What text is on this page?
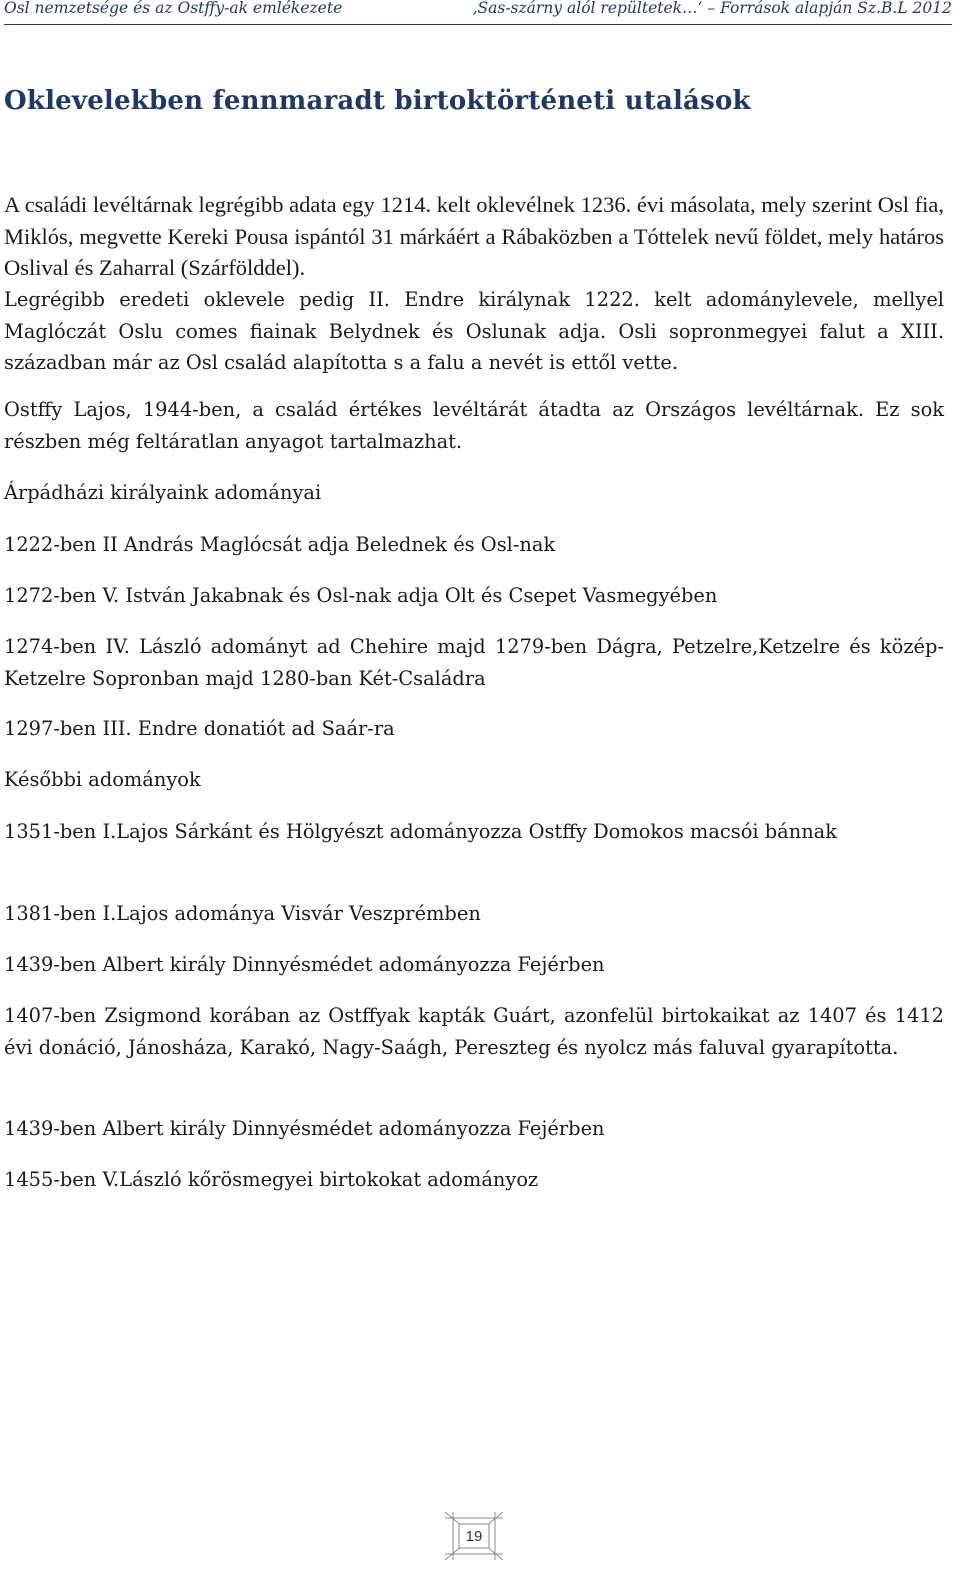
Osl nemzetsége és az Ostffy-ak emlékezete	‚Sas-szárny alól repültetek…‘ – Források alapján Sz.B.L 2012
Oklevelekben fennmaradt birtoktörténeti utalások

A családi levéltárnak legrégibb adata egy 1214. kelt oklevélnek 1236. évi másolata, mely szerint Osl fia, Miklós, megvette Kereki Pousa ispántól 31 márkáért a Rábaközben a Tóttelek nevű földet, mely határos Oslival és Zaharral (Szárfölddel).

Legrégibb eredeti oklevele pedig II. Endre királynak 1222. kelt adománylevele, mellyel Maglóczát Oslu comes fiainak Belydnek és Oslunak adja. Osli sopronmegyei falut a XIII. században már az Osl család alapította s a falu a nevét is ettől vette.

Ostffy Lajos, 1944-ben, a család értékes levéltárát átadta az Országos levéltárnak. Ez sok részben még feltáratlan anyagot tartalmazhat.

Árpádházi királyaink adományai

1222-ben II András Maglócsát adja Belednek és Osl-nak

1272-ben V. István Jakabnak és Osl-nak adja Olt és Csepet Vasmegyében

1274-ben IV. László adományt ad Chehire majd 1279-ben Dágra, Petzelre,Ketzelre és közép-Ketzelre Sopronban majd 1280-ban Két-Családra

1297-ben III. Endre donatiót ad Saár-ra

Későbbi adományok

1351-ben I.Lajos Sárkánt és Hölgyészt adományozza Ostffy Domokos macsói bánnak

1381-ben I.Lajos adománya Visvár Veszprémben

1439-ben Albert király Dinnyésmédet adományozza Fejérben

1407-ben Zsigmond korában az Ostffyak kapták Guárt, azonfelül birtokaikat az 1407 és 1412 évi donáció, Jánosháza, Karakó, Nagy-Saágh, Pereszteg és nyolcz más faluval gyarapította.

1439-ben Albert király Dinnyésmédet adományozza Fejérben

1455-ben V.László kőrösmegyei birtokokat adományoz

19
